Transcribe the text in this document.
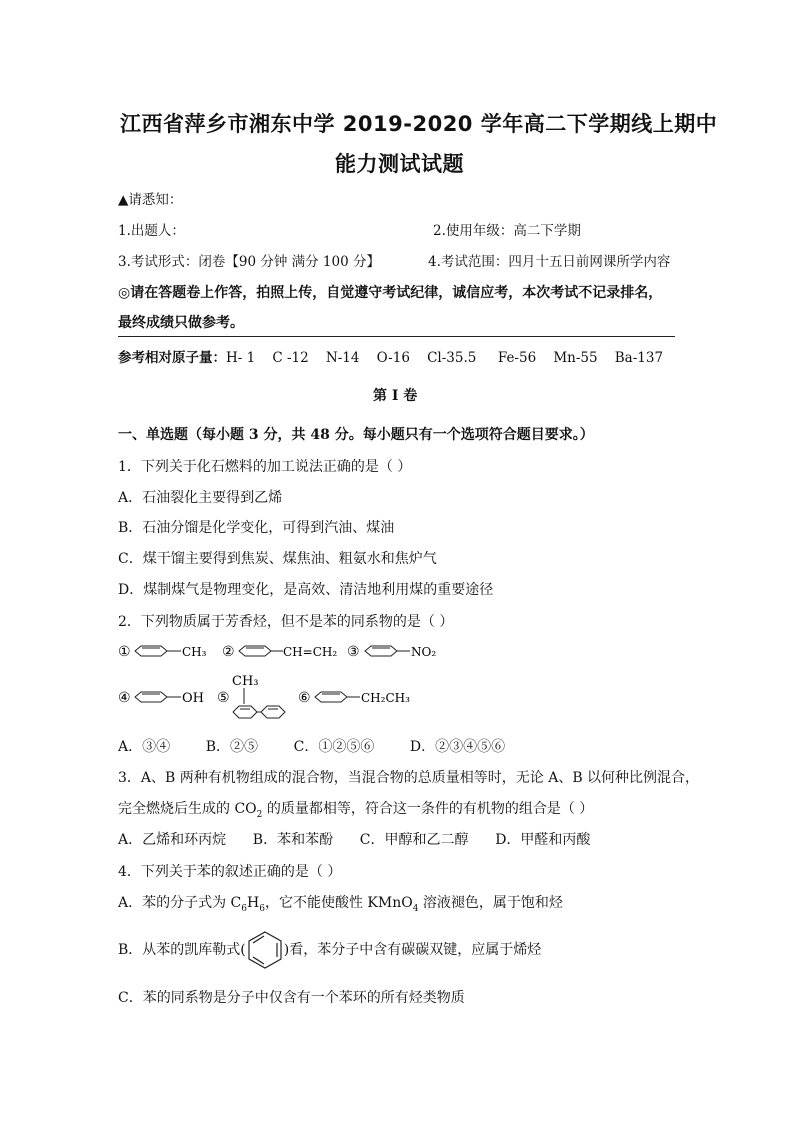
江西省萍乡市湘东中学 2019-2020 学年高二下学期线上期中
能力测试试题
▲请悉知：
1.出题人：	2.使用年级：高二下学期
3.考试形式：闭卷【90 分钟 满分 100 分】	4.考试范围：四月十五日前网课所学内容
◎请在答题卷上作答，拍照上传，自觉遵守考试纪律，诚信应考，本次考试不记录排名，
最终成绩只做参考。
参考相对原子量：H- 1    C -12    N-14    O-16    Cl-35.5     Fe-56    Mn-55    Ba-137
第 I 卷
一、单选题（每小题 3 分，共 48 分。每小题只有一个选项符合题目要求。）
1．下列关于化石燃料的加工说法正确的是（ ）
A．石油裂化主要得到乙烯
B．石油分馏是化学变化，可得到汽油、煤油
C．煤干馏主要得到焦炭、煤焦油、粗氨水和焦炉气
D．煤制煤气是物理变化，是高效、清洁地利用煤的重要途径
2．下列物质属于芳香烃，但不是苯的同系物的是（ ）
①	CH₃ ②	CH=CH₂ ③	NO₂
④	OH ⑤
CH₃
⑥	CH₂CH₃
A．③④        B．②⑤        C．①②⑤⑥        D．②③④⑤⑥
3．A、B 两种有机物组成的混合物，当混合物的总质量相等时，无论 A、B 以何种比例混合，
完全燃烧后生成的 $CO_2$ 的质量都相等，符合这一条件的有机物的组合是（ ）
A．乙烯和环丙烷      B．苯和苯酚      C．甲醇和乙二醇      D．甲醛和丙酸
4．下列关于苯的叙述正确的是（ ）
A．苯的分子式为 $C_6H_6$，它不能使酸性 KMnO$_4$ 溶液褪色，属于饱和烃
B．从苯的凯库勒式(	)看，苯分子中含有碳碳双键，应属于烯烃
C．苯的同系物是分子中仅含有一个苯环的所有烃类物质
